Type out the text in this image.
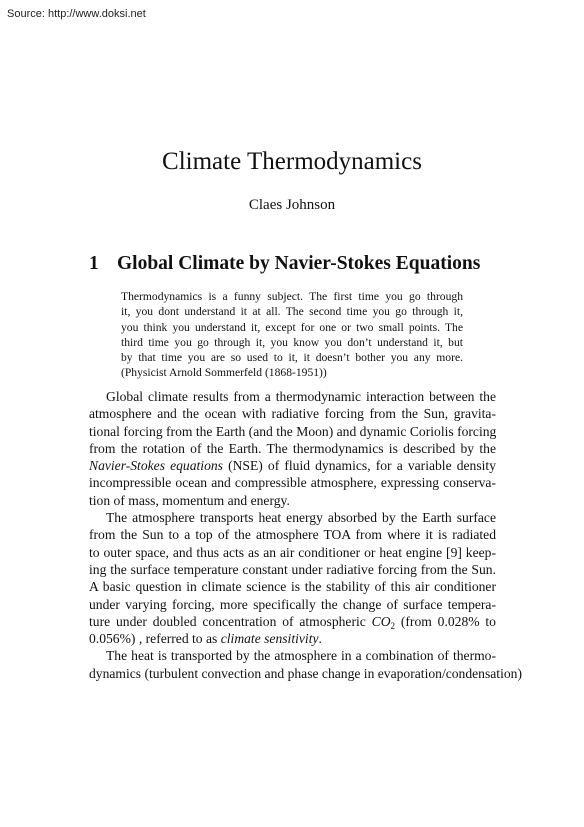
Source: http://www.doksi.net
Climate Thermodynamics
Claes Johnson
1 Global Climate by Navier-Stokes Equations
Thermodynamics is a funny subject. The first time you go through
it, you dont understand it at all. The second time you go through it,
you think you understand it, except for one or two small points. The
third time you go through it, you know you don’t understand it, but
by that time you are so used to it, it doesn’t bother you any more.
(Physicist Arnold Sommerfeld (1868-1951))
Global climate results from a thermodynamic interaction between the
atmosphere and the ocean with radiative forcing from the Sun, gravita-
tional forcing from the Earth (and the Moon) and dynamic Coriolis forcing
from the rotation of the Earth. The thermodynamics is described by the
Navier-Stokes equations (NSE) of fluid dynamics, for a variable density
incompressible ocean and compressible atmosphere, expressing conserva-
tion of mass, momentum and energy.
The atmosphere transports heat energy absorbed by the Earth surface
from the Sun to a top of the atmosphere TOA from where it is radiated
to outer space, and thus acts as an air conditioner or heat engine [9] keep-
ing the surface temperature constant under radiative forcing from the Sun.
A basic question in climate science is the stability of this air conditioner
under varying forcing, more specifically the change of surface tempera-
ture under doubled concentration of atmospheric $CO_2$ (from 0.028% to
0.056%) , referred to as climate sensitivity.
The heat is transported by the atmosphere in a combination of thermo-
dynamics (turbulent convection and phase change in evaporation/condensation)
